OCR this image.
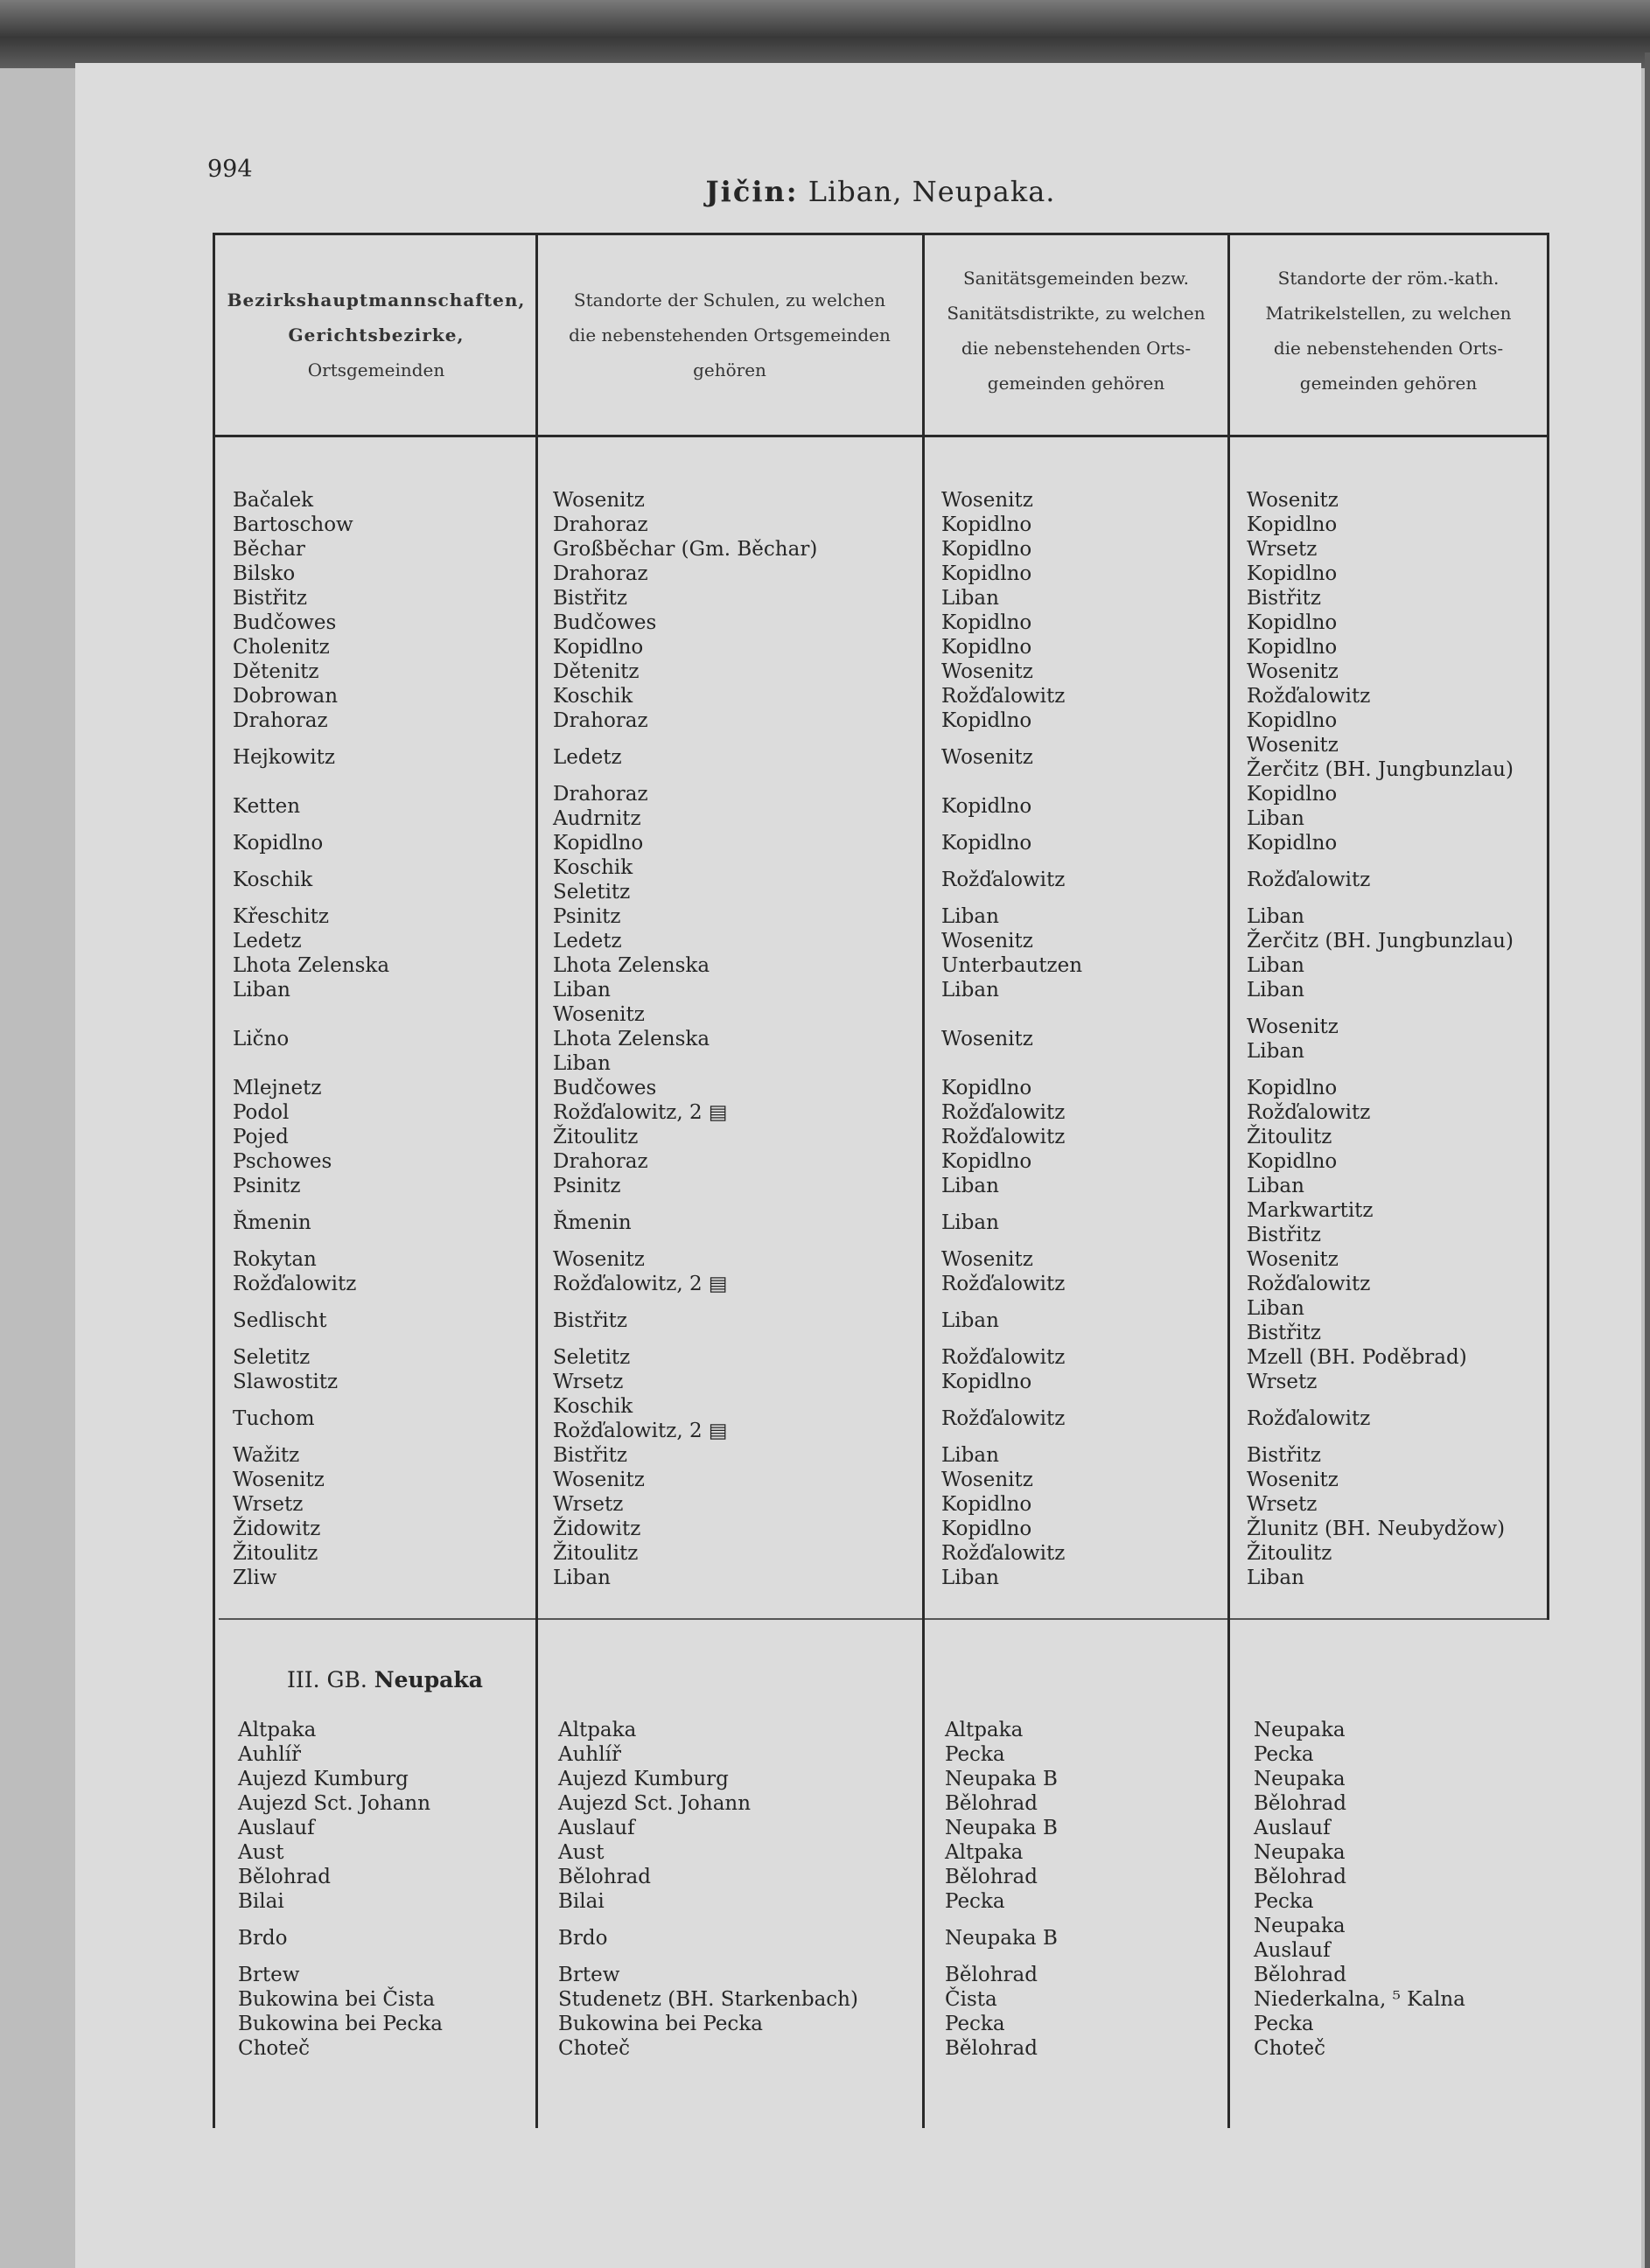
994
Jičin: Liban, Neupaka.
Bezirkshauptmannschaften,
Gerichtsbezirke,
Ortsgemeinden
Standorte der Schulen, zu welchen
die nebenstehenden Ortsgemeinden
gehören
Sanitätsgemeinden bezw.
Sanitätsdistrikte, zu welchen
die nebenstehenden Orts-
gemeinden gehören
Standorte der röm.-kath.
Matrikelstellen, zu welchen
die nebenstehenden Orts-
gemeinden gehören
Bačalek
Bartoschow
Běchar
Bilsko
Bistřitz
Budčowes
Cholenitz
Dětenitz
Dobrowan
Drahoraz
Hejkowitz
Ketten
Kopidlno
Koschik
Křeschitz
Ledetz
Lhota Zelenska
Liban
Lično
Mlejnetz
Podol
Pojed
Pschowes
Psinitz
Řmenin
Rokytan
Rožďalowitz
Sedlischt
Seletitz
Slawostitz
Tuchom
Wažitz
Wosenitz
Wrsetz
Židowitz
Žitoulitz
Zliw
Wosenitz
Drahoraz
Großběchar (Gm. Běchar)
Drahoraz
Bistřitz
Budčowes
Kopidlno
Dětenitz
Koschik
Drahoraz
Ledetz
Drahoraz
Audrnitz
Kopidlno
Koschik
Seletitz
Psinitz
Ledetz
Lhota Zelenska
Liban
Wosenitz
Lhota Zelenska
Liban
Budčowes
Rožďalowitz, 2 ▤
Žitoulitz
Drahoraz
Psinitz
Řmenin
Wosenitz
Rožďalowitz, 2 ▤
Bistřitz
Seletitz
Wrsetz
Koschik
Rožďalowitz, 2 ▤
Bistřitz
Wosenitz
Wrsetz
Židowitz
Žitoulitz
Liban
Wosenitz
Kopidlno
Kopidlno
Kopidlno
Liban
Kopidlno
Kopidlno
Wosenitz
Rožďalowitz
Kopidlno
Wosenitz
Kopidlno
Kopidlno
Rožďalowitz
Liban
Wosenitz
Unterbautzen
Liban
Wosenitz
Kopidlno
Rožďalowitz
Rožďalowitz
Kopidlno
Liban
Liban
Wosenitz
Rožďalowitz
Liban
Rožďalowitz
Kopidlno
Rožďalowitz
Liban
Wosenitz
Kopidlno
Kopidlno
Rožďalowitz
Liban
Wosenitz
Kopidlno
Wrsetz
Kopidlno
Bistřitz
Kopidlno
Kopidlno
Wosenitz
Rožďalowitz
Kopidlno
Wosenitz
Žerčitz (BH. Jungbunzlau)
Kopidlno
Liban
Kopidlno
Rožďalowitz
Liban
Žerčitz (BH. Jungbunzlau)
Liban
Liban
Wosenitz
Liban
Kopidlno
Rožďalowitz
Žitoulitz
Kopidlno
Liban
Markwartitz
Bistřitz
Wosenitz
Rožďalowitz
Liban
Bistřitz
Mzell (BH. Poděbrad)
Wrsetz
Rožďalowitz
Bistřitz
Wosenitz
Wrsetz
Žlunitz (BH. Neubydžow)
Žitoulitz
Liban
III. GB. Neupaka
Altpaka
Auhlíř
Aujezd Kumburg
Aujezd Sct. Johann
Auslauf
Aust
Bělohrad
Bilai
Brdo
Brtew
Bukowina bei Čista
Bukowina bei Pecka
Choteč
Altpaka
Auhlíř
Aujezd Kumburg
Aujezd Sct. Johann
Auslauf
Aust
Bělohrad
Bilai
Brdo
Brtew
Studenetz (BH. Starkenbach)
Bukowina bei Pecka
Choteč
Altpaka
Pecka
Neupaka B
Bělohrad
Neupaka B
Altpaka
Bělohrad
Pecka
Neupaka B
Bělohrad
Čista
Pecka
Bělohrad
Neupaka
Pecka
Neupaka
Bělohrad
Auslauf
Neupaka
Bělohrad
Pecka
Neupaka
Auslauf
Bělohrad
Niederkalna, ⁵ Kalna
Pecka
Choteč
